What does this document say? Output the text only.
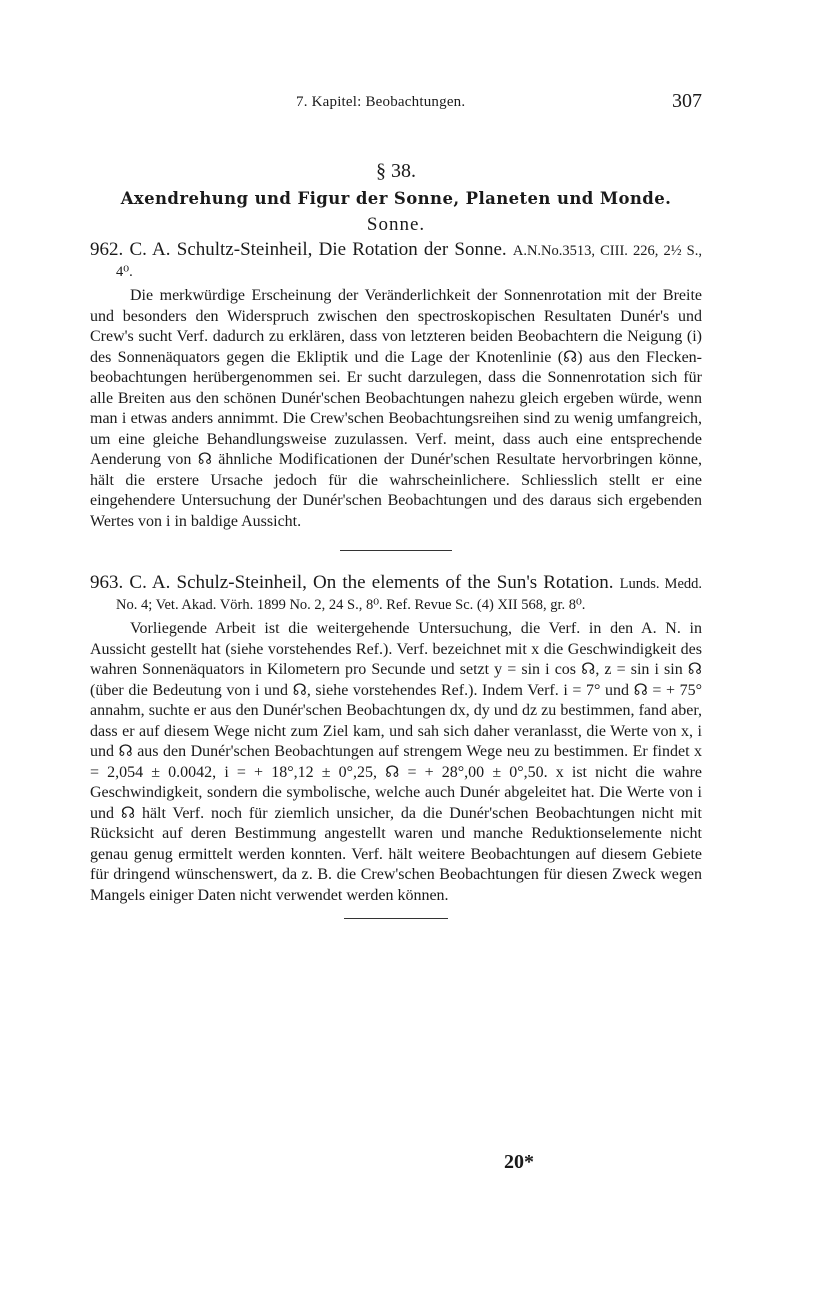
7. Kapitel: Beobachtungen.	307
§ 38.
Axendrehung und Figur der Sonne, Planeten und Monde.
Sonne.
962. C. A. Schultz-Steinheil, Die Rotation der Sonne. A.N.No.3513, CIII. 226, 2½ S., 4⁰.
Die merkwürdige Erscheinung der Veränderlichkeit der Sonnenrotation mit der Breite und besonders den Widerspruch zwischen den spectroskopischen Resultaten Dunér's und Crew's sucht Verf. dadurch zu erklären, dass von letzteren beiden Beobachtern die Neigung (i) des Sonnenäquators gegen die Ekliptik und die Lage der Knotenlinie (☊) aus den Flecken-beobachtungen herübergenommen sei. Er sucht darzulegen, dass die Sonnenrotation sich für alle Breiten aus den schönen Dunér'schen Beobachtungen nahezu gleich ergeben würde, wenn man i etwas anders annimmt. Die Crew'schen Beobachtungsreihen sind zu wenig umfangreich, um eine gleiche Behandlungsweise zuzulassen. Verf. meint, dass auch eine entsprechende Aenderung von ☊ ähnliche Modificationen der Dunér'schen Resultate hervorbringen könne, hält die erstere Ursache jedoch für die wahrscheinlichere. Schliesslich stellt er eine eingehendere Untersuchung der Dunér'schen Beobachtungen und des daraus sich ergebenden Wertes von i in baldige Aussicht.
963. C. A. Schulz-Steinheil, On the elements of the Sun's Rotation. Lunds. Medd. No. 4; Vet. Akad. Vörh. 1899 No. 2, 24 S., 8⁰. Ref. Revue Sc. (4) XII 568, gr. 8⁰.
Vorliegende Arbeit ist die weitergehende Untersuchung, die Verf. in den A. N. in Aussicht gestellt hat (siehe vorstehendes Ref.). Verf. bezeichnet mit x die Geschwindigkeit des wahren Sonnenäquators in Kilometern pro Secunde und setzt y = sin i cos ☊, z = sin i sin ☊ (über die Bedeutung von i und ☊, siehe vorstehendes Ref.). Indem Verf. i = 7° und ☊ = + 75° annahm, suchte er aus den Dunér'schen Beobachtungen dx, dy und dz zu bestimmen, fand aber, dass er auf diesem Wege nicht zum Ziel kam, und sah sich daher veranlasst, die Werte von x, i und ☊ aus den Dunér'schen Beobachtungen auf strengem Wege neu zu bestimmen. Er findet x = 2,054 ± 0.0042, i = + 18°,12 ± 0°,25, ☊ = + 28°,00 ± 0°,50. x ist nicht die wahre Geschwindigkeit, sondern die symbolische, welche auch Dunér abgeleitet hat. Die Werte von i und ☊ hält Verf. noch für ziemlich unsicher, da die Dunér'schen Beobachtungen nicht mit Rücksicht auf deren Bestimmung angestellt waren und manche Reduktionselemente nicht genau genug ermittelt werden konnten. Verf. hält weitere Beobachtungen auf diesem Gebiete für dringend wünschenswert, da z. B. die Crew'schen Beobachtungen für diesen Zweck wegen Mangels einiger Daten nicht verwendet werden können.
20*
